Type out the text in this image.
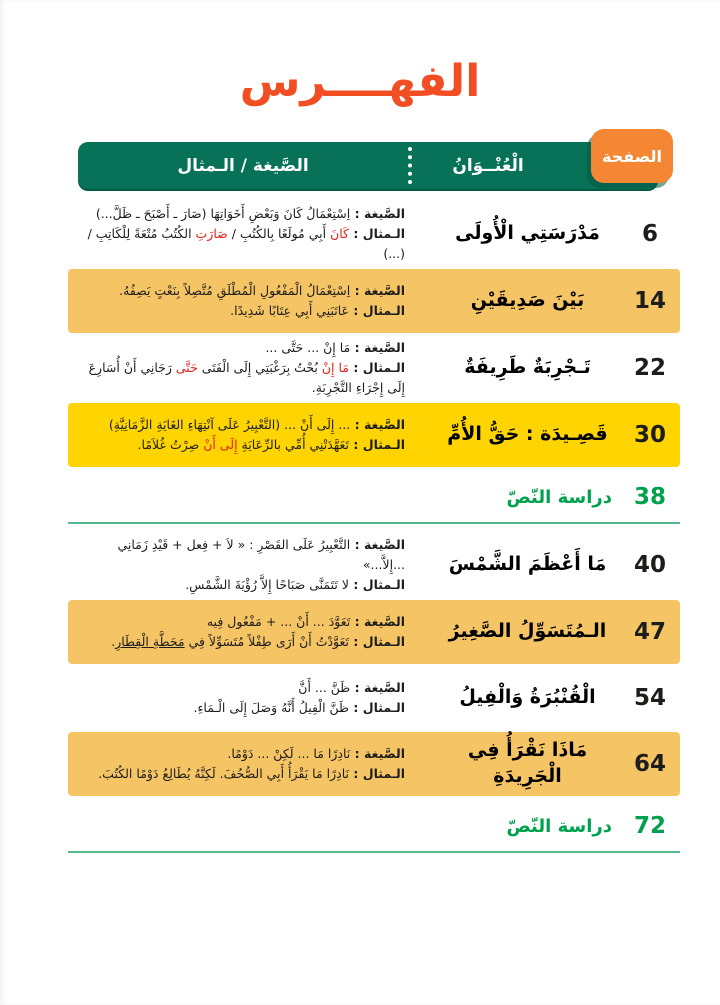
الفهــــرس
الصَّيغة / الـمثال	الْعُنْــوَانُ	الصفحة
6
مَدْرَسَتِي الْأُولَى
الصَّيغة : اِسْتِعْمَالُ كَانَ وَبَعْضِ أَخَوَاتِهَا (صَارَ ـ أَصْبَحَ ـ ظَلَّ...)
الـمثال : كَانَ أَبِي مُولَعًا بِالكُتُبِ / صَارَتِ الكُتُبُ مُتْعَةً لِلْكَاتِبِ / (...)
14
بَيْنَ صَدِيقَيْنِ
الصَّيغة : اِسْتِعْمَالُ الْمَفْعُولِ الْمُطْلَقِ مُتَّصِلاً بِنَعْتٍ يَصِفُهُ.
الـمثال : عَاتَبَنِي أَبِي عِتَابًا شَدِيدًا.
22
تَـجْرِبَةٌ طَرِيفَةٌ
الصَّيغة : مَا إِنْ ... حَتَّى ...
الـمثال : مَا إِنْ بُحْتُ بِرَغْبَتِي إِلَى الْفَتَى حَتَّى رَجَانِي أَنْ أُسَارِعَ إِلَى إِجْرَاءِ التَّجْرِبَةِ.
30
قَصِـيدَة : حَقُّ الأُمِّ
الصَّيغة : ... إِلَى أَنْ ... (التَّعْبِيرُ عَلَى آنْتِهَاءِ الغَايَةِ الزَّمَانِيَّةِ)
الـمثال : تَعَهَّدَتْنِي أُمِّي بالرِّعَايَةِ إِلَى أَنْ صِرْتُ غُلاَمًا.
38
دراسة النّصّ
40
مَا أَعْظَمَ الشَّمْسَ
الصَّيغة : التَّعْبِيرُ عَلَى القَصْرِ : « لاَ + فِعل + قَيْدِ زَمَانِي ...إِلاَّ...»
الـمثال : لا تَتَمَنَّى صَبَاحًا إِلاَّ رُؤْيَةَ الشَّمْسِ.
47
الـمُتَسَوِّلُ الصَّغِيرُ
الصَّيغة : تَعَوَّدَ ... أَنْ ... + مَفْعُول فِيه
الـمثال : تَعَوَّدْتُ أَنْ أَرَى طِفْلاً مُتَسَوِّلاً فِي مَحَطَّةِ الْقِطَارِ.
54
الْقُنْبُرَةُ وَالْفِيلُ
الصَّيغة : ظَنَّ ... أَنَّ
الـمثال : ظَنَّ الْفِيلُ أَنَّهُ وَصَلَ إِلَى الْـمَاءِ.
64
مَاذَا نَقْرَأُ فِي الْجَرِيدَةِ
الصَّيغة : نَادِرًا مَا ... لَكِنْ ... دَوْمًا.
الـمثال : نَادِرًا مَا يَقْرَأُ أَبِي الصُّحُفَ. لَكِنَّهُ يُطَالِعُ دَوْمًا الكُتُبَ.
72
دراسة النّصّ
